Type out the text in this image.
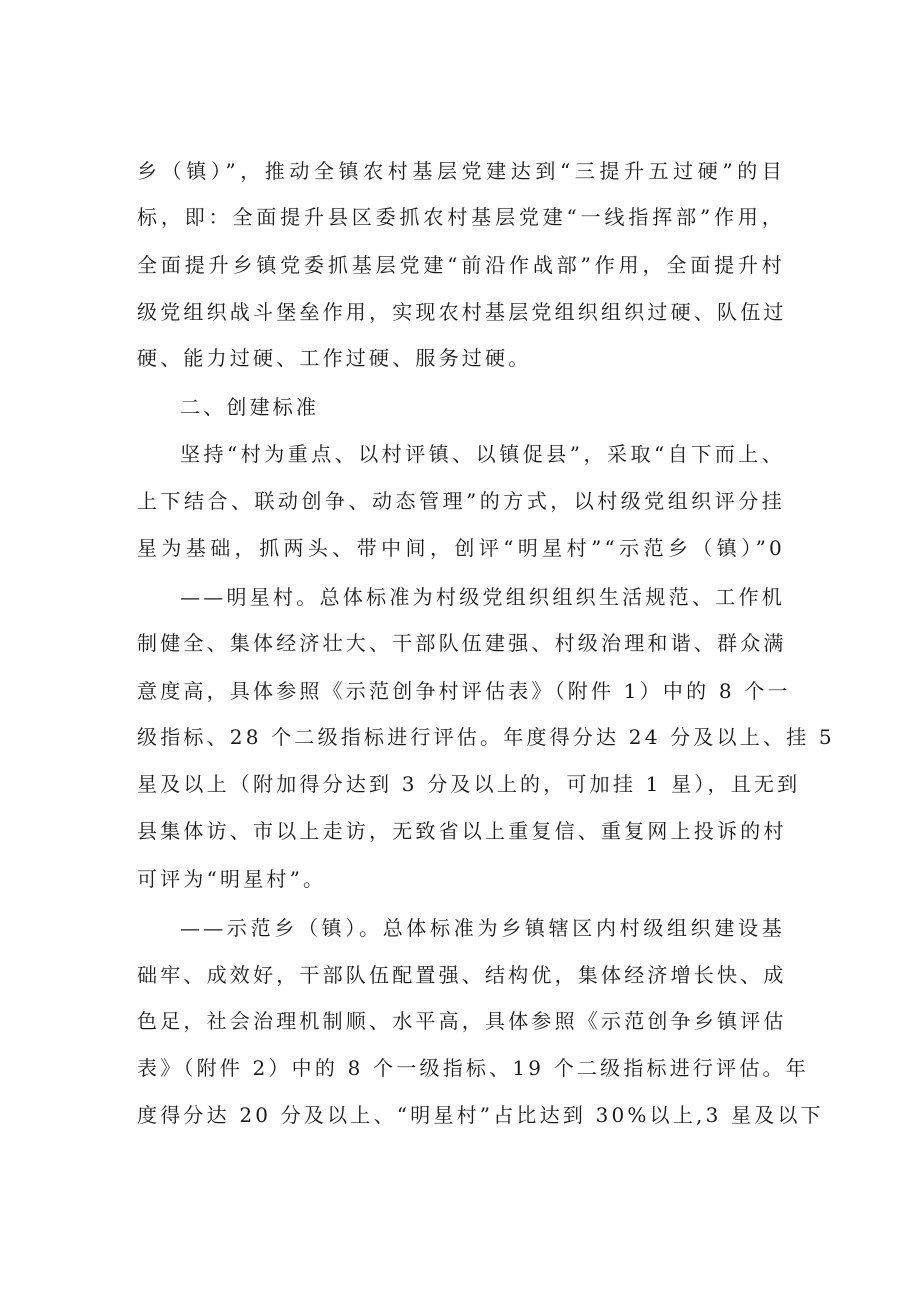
乡（镇）”，推动全镇农村基层党建达到“三提升五过硬”的目
标，即：全面提升县区委抓农村基层党建“一线指挥部”作用，
全面提升乡镇党委抓基层党建“前沿作战部”作用，全面提升村
级党组织战斗堡垒作用，实现农村基层党组织组织过硬、队伍过
硬、能力过硬、工作过硬、服务过硬。
二、创建标准
坚持“村为重点、以村评镇、以镇促县”，采取“自下而上、
上下结合、联动创争、动态管理”的方式，以村级党组织评分挂
星为基础，抓两头、带中间，创评“明星村”“示范乡（镇）”0
——明星村。总体标准为村级党组织组织生活规范、工作机
制健全、集体经济壮大、干部队伍建强、村级治理和谐、群众满
意度高，具体参照《示范创争村评估表》（附件 1）中的 8 个一
级指标、28 个二级指标进行评估。年度得分达 24 分及以上、挂 5
星及以上（附加得分达到 3 分及以上的，可加挂 1 星），且无到
县集体访、市以上走访，无致省以上重复信、重复网上投诉的村
可评为“明星村”。
——示范乡（镇）。总体标准为乡镇辖区内村级组织建设基
础牢、成效好，干部队伍配置强、结构优，集体经济增长快、成
色足，社会治理机制顺、水平高，具体参照《示范创争乡镇评估
表》（附件 2）中的 8 个一级指标、19 个二级指标进行评估。年
度得分达 20 分及以上、“明星村”占比达到 30%以上,3 星及以下
